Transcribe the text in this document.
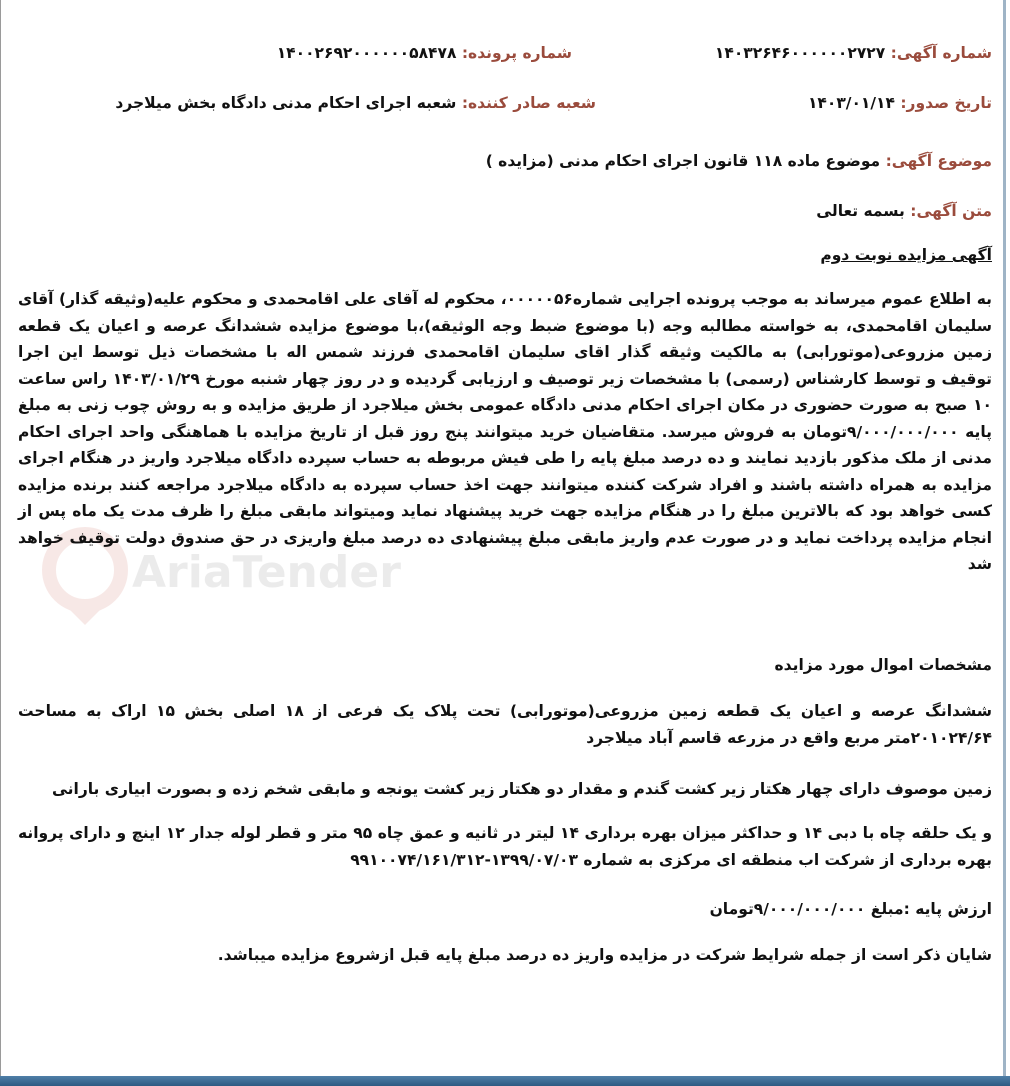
AriaTender
شماره آگهی: ۱۴۰۳۲۶۴۶۰۰۰۰۰۰۲۷۲۷
شماره پرونده: ۱۴۰۰۲۶۹۲۰۰۰۰۰۰۵۸۴۷۸
تاریخ صدور: ۱۴۰۳/۰۱/۱۴
شعبه صادر کننده: شعبه اجرای احکام مدنی دادگاه بخش میلاجرد
موضوع آگهی: موضوع ماده ۱۱۸ قانون اجرای احکام مدنی (مزایده )
متن آگهی: بسمه تعالی
آگهی مزایده نوبت دوم

به اطلاع عموم میرساند به موجب پرونده اجرایی شماره۰۰۰۰۰۵۶، محکوم له آقای علی اقامحمدی و محکوم علیه(وثیقه گذار) آقای سلیمان اقامحمدی، به خواسته مطالبه وجه (با موضوع ضبط وجه الوثیقه)،با موضوع مزایده ششدانگ عرصه و اعیان یک قطعه زمین مزروعی(موتورابی) به مالکیت وثیقه گذار اقای سلیمان اقامحمدی فرزند شمس اله با مشخصات ذیل توسط این اجرا توقیف و توسط کارشناس (رسمی) با مشخصات زیر توصیف و ارزیابی گردیده و در روز چهار شنبه مورخ ۱۴۰۳/۰۱/۲۹ راس ساعت ۱۰ صبح به صورت حضوری در مکان اجرای احکام مدنی دادگاه عمومی بخش میلاجرد از طریق مزایده و به روش چوب زنی به مبلغ پایه ۹/۰۰۰/۰۰۰/۰۰۰تومان به فروش میرسد. متقاضیان خرید میتوانند پنج روز قبل از تاریخ مزایده با هماهنگی واحد اجرای احکام مدنی از ملک مذکور بازدید نمایند و ده درصد مبلغ پایه را طی فیش مربوطه به حساب سپرده دادگاه میلاجرد واریز در هنگام اجرای مزایده به همراه داشته باشند و افراد شرکت کننده میتوانند جهت اخذ حساب سپرده به دادگاه میلاجرد مراجعه کنند برنده مزایده کسی خواهد بود که بالاترین مبلغ را در هنگام مزایده جهت خرید پیشنهاد نماید ومیتواند مابقی مبلغ را ظرف مدت یک ماه پس از انجام مزایده پرداخت نماید و در صورت عدم واریز مابقی مبلغ پیشنهادی ده درصد مبلغ واریزی در حق صندوق دولت توقیف خواهد شد

مشخصات اموال مورد مزایده

ششدانگ عرصه و اعیان یک قطعه زمین مزروعی(موتورابی) تحت پلاک یک فرعی از ۱۸ اصلی بخش ۱۵ اراک به مساحت ۲۰۱۰۲۴/۶۴متر مربع واقع در مزرعه قاسم آباد میلاجرد

زمین موصوف دارای چهار هکتار زیر کشت گندم و مقدار دو هکتار زیر کشت یونجه و مابقی شخم زده و بصورت ابیاری بارانی

و یک حلقه چاه با دبی ۱۴ و حداکثر میزان بهره برداری ۱۴ لیتر در ثانیه و عمق چاه ۹۵ متر و قطر لوله جدار ۱۲ اینچ و دارای پروانه بهره برداری از شرکت اب منطقه ای مرکزی به شماره ۱۳۹۹/۰۷/۰۳-۹۹۱۰۰۷۴/۱۶۱/۳۱۲

ارزش پایه :مبلغ ۹/۰۰۰/۰۰۰/۰۰۰تومان

شایان ذکر است از جمله شرایط شرکت در مزایده واریز ده درصد مبلغ پایه قبل ازشروع مزایده میباشد.
